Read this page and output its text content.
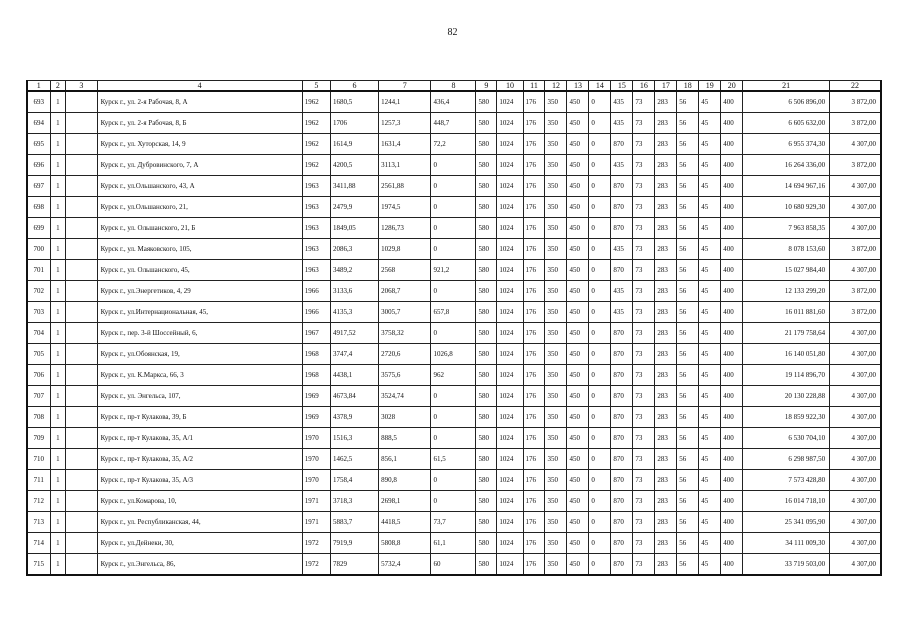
82
1	2	3	4	5	6	7	8	9	10	11	12	13	14	15	16	17	18	19	20	21	22
693	1		Курск г., ул. 2-я Рабочая, 8, А	1962	1680,5	1244,1	436,4	580	1024	176	350	450	0	435	73	283	56	45	400	6 506 896,00	3 872,00
694	1		Курск г., ул. 2-я Рабочая, 8, Б	1962	1706	1257,3	448,7	580	1024	176	350	450	0	435	73	283	56	45	400	6 605 632,00	3 872,00
695	1		Курск г., ул. Хуторская, 14, 9	1962	1614,9	1631,4	72,2	580	1024	176	350	450	0	870	73	283	56	45	400	6 955 374,30	4 307,00
696	1		Курск г., ул. Дубровинского, 7, А	1962	4200,5	3113,1	0	580	1024	176	350	450	0	435	73	283	56	45	400	16 264 336,00	3 872,00
697	1		Курск г., ул.Ольшанского, 43, А	1963	3411,88	2561,88	0	580	1024	176	350	450	0	870	73	283	56	45	400	14 694 967,16	4 307,00
698	1		Курск г., ул.Ольшанского, 21,	1963	2479,9	1974,5	0	580	1024	176	350	450	0	870	73	283	56	45	400	10 680 929,30	4 307,00
699	1		Курск г., ул. Ольшанского, 21, Б	1963	1849,05	1286,73	0	580	1024	176	350	450	0	870	73	283	56	45	400	7 963 858,35	4 307,00
700	1		Курск г., ул. Маяковского, 105,	1963	2086,3	1029,8	0	580	1024	176	350	450	0	435	73	283	56	45	400	8 078 153,60	3 872,00
701	1		Курск г., ул. Ольшанского, 45,	1963	3489,2	2568	921,2	580	1024	176	350	450	0	870	73	283	56	45	400	15 027 984,40	4 307,00
702	1		Курск г., ул.Энергетиков, 4, 29	1966	3133,6	2068,7	0	580	1024	176	350	450	0	435	73	283	56	45	400	12 133 299,20	3 872,00
703	1		Курск г., ул.Интернациональная, 45,	1966	4135,3	3005,7	657,8	580	1024	176	350	450	0	435	73	283	56	45	400	16 011 881,60	3 872,00
704	1		Курск г., пер. 3-й Шоссейный, 6,	1967	4917,52	3758,32	0	580	1024	176	350	450	0	870	73	283	56	45	400	21 179 758,64	4 307,00
705	1		Курск г., ул.Обоянская, 19,	1968	3747,4	2720,6	1026,8	580	1024	176	350	450	0	870	73	283	56	45	400	16 140 051,80	4 307,00
706	1		Курск г., ул. К.Маркса, 66, 3	1968	4438,1	3575,6	962	580	1024	176	350	450	0	870	73	283	56	45	400	19 114 896,70	4 307,00
707	1		Курск г., ул. Энгельса, 107,	1969	4673,84	3524,74	0	580	1024	176	350	450	0	870	73	283	56	45	400	20 130 228,88	4 307,00
708	1		Курск г., пр-т Кулакова, 39, Б	1969	4378,9	3028	0	580	1024	176	350	450	0	870	73	283	56	45	400	18 859 922,30	4 307,00
709	1		Курск г., пр-т Кулакова, 35, А/1	1970	1516,3	888,5	0	580	1024	176	350	450	0	870	73	283	56	45	400	6 530 704,10	4 307,00
710	1		Курск г., пр-т Кулакова, 35, А/2	1970	1462,5	856,1	61,5	580	1024	176	350	450	0	870	73	283	56	45	400	6 298 987,50	4 307,00
711	1		Курск г., пр-т Кулакова, 35, А/3	1970	1758,4	890,8	0	580	1024	176	350	450	0	870	73	283	56	45	400	7 573 428,80	4 307,00
712	1		Курск г., ул.Комарова, 10,	1971	3718,3	2698,1	0	580	1024	176	350	450	0	870	73	283	56	45	400	16 014 718,10	4 307,00
713	1		Курск г., ул. Республиканская, 44,	1971	5883,7	4418,5	73,7	580	1024	176	350	450	0	870	73	283	56	45	400	25 341 095,90	4 307,00
714	1		Курск г., ул.Дейнеки, 30,	1972	7919,9	5808,8	61,1	580	1024	176	350	450	0	870	73	283	56	45	400	34 111 009,30	4 307,00
715	1		Курск г., ул.Энгельса, 86,	1972	7829	5732,4	60	580	1024	176	350	450	0	870	73	283	56	45	400	33 719 503,00	4 307,00
